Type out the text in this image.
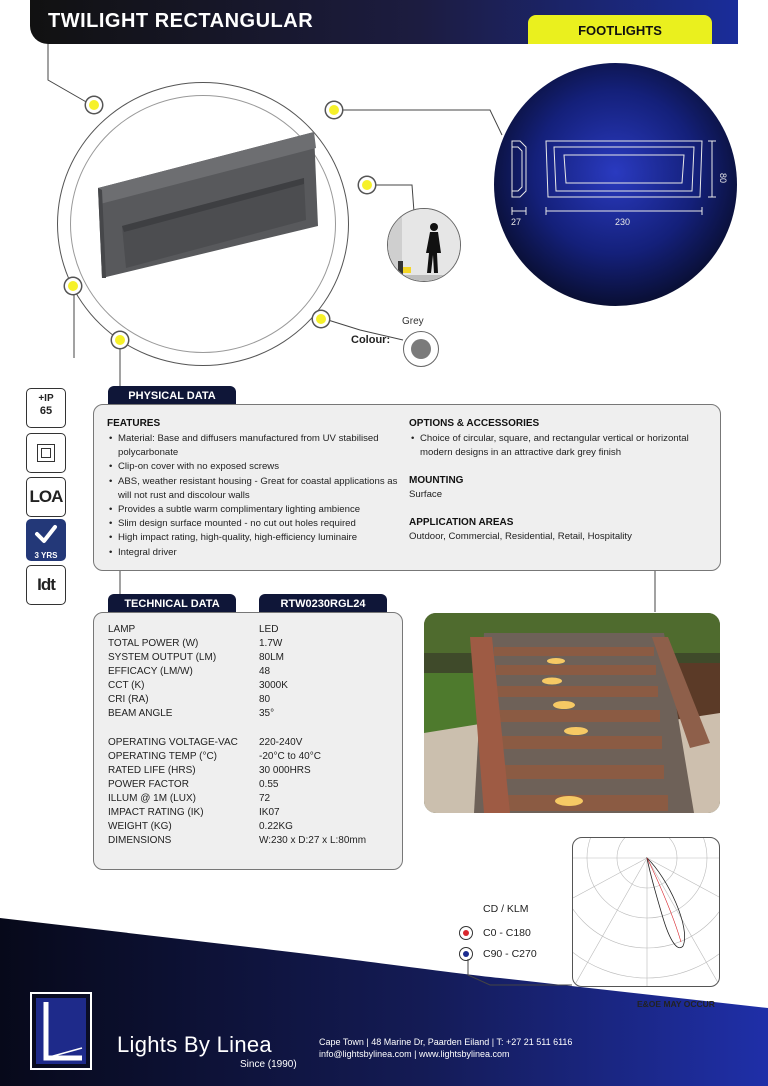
TWILIGHT RECTANGULAR	FOOTLIGHTS
27	230
80
Grey
Colour:
+IP
65
LOA
3 YRS
Idt
PHYSICAL DATA
FEATURES
• Material: Base and diffusers manufactured from UV stabilised polycarbonate
• Clip-on cover with no exposed screws
• ABS, weather resistant housing - Great for coastal applications as will not rust and discolour walls
• Provides a subtle warm complimentary lighting ambience
• Slim design surface mounted - no cut out holes required
• High impact rating, high-quality, high-efficiency luminaire
• Integral driver
OPTIONS & ACCESSORIES
• Choice of circular, square, and rectangular vertical or horizontal modern designs in an attractive dark grey finish
MOUNTING
Surface
APPLICATION AREAS
Outdoor, Commercial, Residential, Retail, Hospitality
TECHNICAL DATA	RTW0230RGL24
LAMP	LED
TOTAL POWER (W)	1.7W
SYSTEM OUTPUT (LM)	80LM
EFFICACY (LM/W)	48
CCT (K)	3000K
CRI (RA)	80
BEAM ANGLE	35°
OPERATING VOLTAGE-VAC 220-240V
OPERATING TEMP (°C)	-20°C to 40°C
RATED LIFE (HRS)	30 000HRS
POWER FACTOR	0.55
ILLUM @ 1M (LUX)	72
IMPACT RATING (IK)	IK07
WEIGHT (KG)	0.22KG
DIMENSIONS	W:230 x D:27 x L:80mm
CD / KLM
C0 - C180
C90 - C270
E&OE MAY OCCUR
Lights By Linea
Since (1990)
Cape Town | 48 Marine Dr, Paarden Eiland | T: +27 21 511 6116
info@lightsbylinea.com | www.lightsbylinea.com
